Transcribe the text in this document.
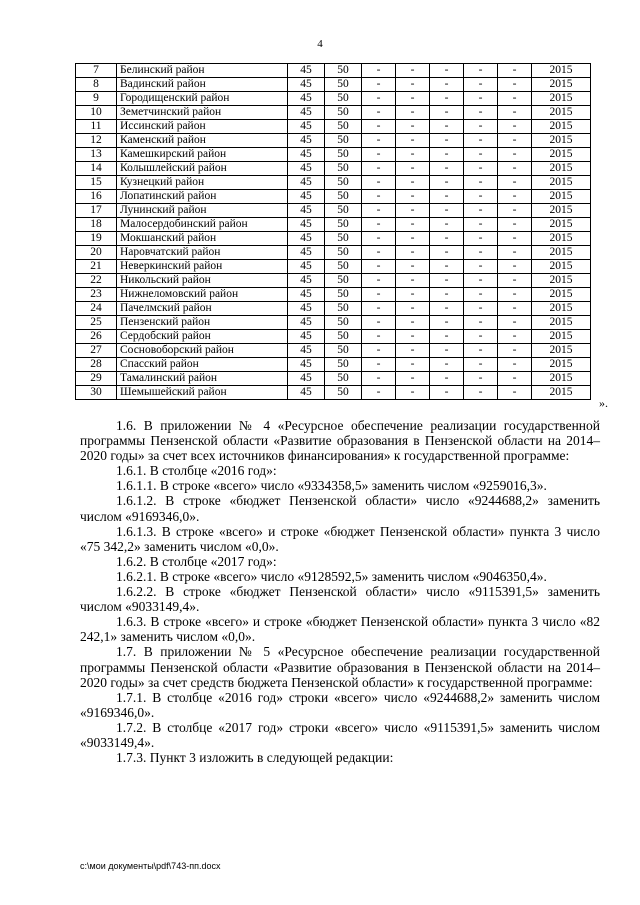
4
7	Белинский район	45	50	-	-	-	-	-	2015
8	Вадинский район	45	50	-	-	-	-	-	2015
9	Городищенский район	45	50	-	-	-	-	-	2015
10	Земетчинский район	45	50	-	-	-	-	-	2015
11	Иссинский район	45	50	-	-	-	-	-	2015
12	Каменский район	45	50	-	-	-	-	-	2015
13	Камешкирский район	45	50	-	-	-	-	-	2015
14	Колышлейский район	45	50	-	-	-	-	-	2015
15	Кузнецкий район	45	50	-	-	-	-	-	2015
16	Лопатинский район	45	50	-	-	-	-	-	2015
17	Лунинский район	45	50	-	-	-	-	-	2015
18	Малосердобинский район	45	50	-	-	-	-	-	2015
19	Мокшанский район	45	50	-	-	-	-	-	2015
20	Наровчатский район	45	50	-	-	-	-	-	2015
21	Неверкинский район	45	50	-	-	-	-	-	2015
22	Никольский район	45	50	-	-	-	-	-	2015
23	Нижнеломовский район	45	50	-	-	-	-	-	2015
24	Пачелмский район	45	50	-	-	-	-	-	2015
25	Пензенский район	45	50	-	-	-	-	-	2015
26	Сердобский район	45	50	-	-	-	-	-	2015
27	Сосновоборский район	45	50	-	-	-	-	-	2015
28	Спасский район	45	50	-	-	-	-	-	2015
29	Тамалинский район	45	50	-	-	-	-	-	2015
30	Шемышейский район	45	50	-	-	-	-	-	2015
».

1.6. В приложении № 4 «Ресурсное обеспечение реализации государственной программы Пензенской области «Развитие образования в Пензенской области на 2014–2020 годы» за счет всех источников финансирования» к государственной программе:

1.6.1. В столбце «2016 год»:

1.6.1.1. В строке «всего» число «9334358,5» заменить числом «9259016,3».

1.6.1.2. В строке «бюджет Пензенской области» число «9244688,2» заменить числом «9169346,0».

1.6.1.3. В строке «всего» и строке «бюджет Пензенской области» пункта 3 число «75 342,2» заменить числом «0,0».

1.6.2. В столбце «2017 год»:

1.6.2.1. В строке «всего» число «9128592,5» заменить числом «9046350,4».

1.6.2.2. В строке «бюджет Пензенской области» число «9115391,5» заменить числом «9033149,4».

1.6.3. В строке «всего» и строке «бюджет Пензенской области» пункта 3 число «82 242,1» заменить числом «0,0».

1.7. В приложении № 5 «Ресурсное обеспечение реализации государственной программы Пензенской области «Развитие образования в Пензенской области на 2014–2020 годы» за счет средств бюджета Пензенской области» к государственной программе:

1.7.1. В столбце «2016 год» строки «всего» число «9244688,2» заменить числом «9169346,0».

1.7.2. В столбце «2017 год» строки «всего» число «9115391,5» заменить числом «9033149,4».

1.7.3. Пункт 3 изложить в следующей редакции:

c:\мои документы\pdf\743-пп.docx
